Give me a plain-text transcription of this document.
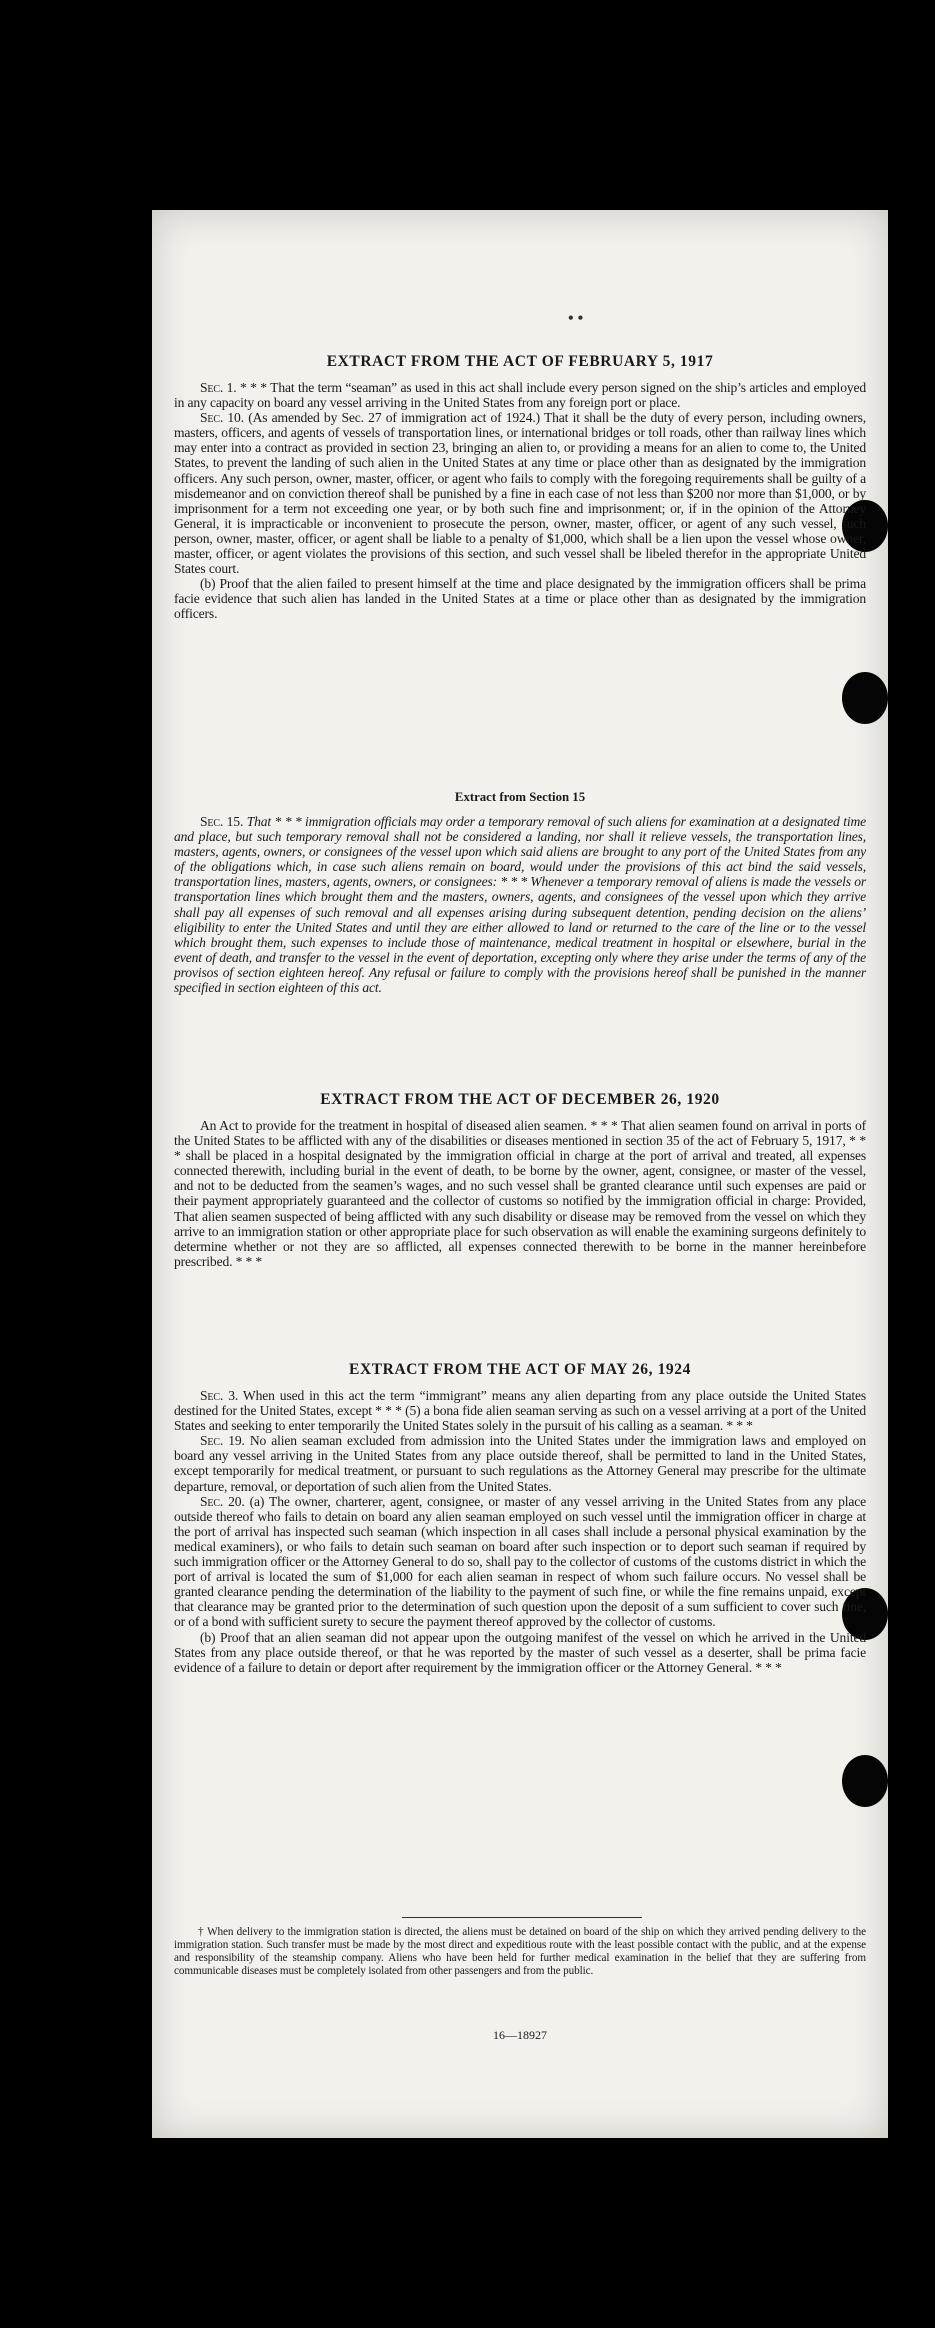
• •
EXTRACT FROM THE ACT OF FEBRUARY 5, 1917

Sec. 1. * * * That the term “seaman” as used in this act shall include every person signed on the ship’s articles and employed in any capacity on board any vessel arriving in the United States from any foreign port or place.

Sec. 10. (As amended by Sec. 27 of immigration act of 1924.) That it shall be the duty of every person, including owners, masters, officers, and agents of vessels of transportation lines, or international bridges or toll roads, other than railway lines which may enter into a contract as provided in section 23, bringing an alien to, or providing a means for an alien to come to, the United States, to prevent the landing of such alien in the United States at any time or place other than as designated by the immigration officers. Any such person, owner, master, officer, or agent who fails to comply with the foregoing requirements shall be guilty of a misdemeanor and on conviction thereof shall be punished by a fine in each case of not less than $200 nor more than $1,000, or by imprisonment for a term not exceeding one year, or by both such fine and imprisonment; or, if in the opinion of the Attorney General, it is impracticable or inconvenient to prosecute the person, owner, master, officer, or agent of any such vessel, such person, owner, master, officer, or agent shall be liable to a penalty of $1,000, which shall be a lien upon the vessel whose owner, master, officer, or agent violates the provisions of this section, and such vessel shall be libeled therefor in the appropriate United States court.

(b) Proof that the alien failed to present himself at the time and place designated by the immigration officers shall be prima facie evidence that such alien has landed in the United States at a time or place other than as designated by the immigration officers.

Extract from Section 15

Sec. 15. That * * * immigration officials may order a temporary removal of such aliens for examination at a designated time and place, but such temporary removal shall not be considered a landing, nor shall it relieve vessels, the transportation lines, masters, agents, owners, or consignees of the vessel upon which said aliens are brought to any port of the United States from any of the obligations which, in case such aliens remain on board, would under the provisions of this act bind the said vessels, transportation lines, masters, agents, owners, or consignees: * * * Whenever a temporary removal of aliens is made the vessels or transportation lines which brought them and the masters, owners, agents, and consignees of the vessel upon which they arrive shall pay all expenses of such removal and all expenses arising during subsequent detention, pending decision on the aliens’ eligibility to enter the United States and until they are either allowed to land or returned to the care of the line or to the vessel which brought them, such expenses to include those of maintenance, medical treatment in hospital or elsewhere, burial in the event of death, and transfer to the vessel in the event of deportation, excepting only where they arise under the terms of any of the provisos of section eighteen hereof. Any refusal or failure to comply with the provisions hereof shall be punished in the manner specified in section eighteen of this act.

EXTRACT FROM THE ACT OF DECEMBER 26, 1920

An Act to provide for the treatment in hospital of diseased alien seamen. * * * That alien seamen found on arrival in ports of the United States to be afflicted with any of the disabilities or diseases mentioned in section 35 of the act of February 5, 1917, * * * shall be placed in a hospital designated by the immigration official in charge at the port of arrival and treated, all expenses connected therewith, including burial in the event of death, to be borne by the owner, agent, consignee, or master of the vessel, and not to be deducted from the seamen’s wages, and no such vessel shall be granted clearance until such expenses are paid or their payment appropriately guaranteed and the collector of customs so notified by the immigration official in charge: Provided, That alien seamen suspected of being afflicted with any such disability or disease may be removed from the vessel on which they arrive to an immigration station or other appropriate place for such observation as will enable the examining surgeons definitely to determine whether or not they are so afflicted, all expenses connected therewith to be borne in the manner hereinbefore prescribed. * * *

EXTRACT FROM THE ACT OF MAY 26, 1924

Sec. 3. When used in this act the term “immigrant” means any alien departing from any place outside the United States destined for the United States, except * * * (5) a bona fide alien seaman serving as such on a vessel arriving at a port of the United States and seeking to enter temporarily the United States solely in the pursuit of his calling as a seaman. * * *

Sec. 19. No alien seaman excluded from admission into the United States under the immigration laws and employed on board any vessel arriving in the United States from any place outside thereof, shall be permitted to land in the United States, except temporarily for medical treatment, or pursuant to such regulations as the Attorney General may prescribe for the ultimate departure, removal, or deportation of such alien from the United States.

Sec. 20. (a) The owner, charterer, agent, consignee, or master of any vessel arriving in the United States from any place outside thereof who fails to detain on board any alien seaman employed on such vessel until the immigration officer in charge at the port of arrival has inspected such seaman (which inspection in all cases shall include a personal physical examination by the medical examiners), or who fails to detain such seaman on board after such inspection or to deport such seaman if required by such immigration officer or the Attorney General to do so, shall pay to the collector of customs of the customs district in which the port of arrival is located the sum of $1,000 for each alien seaman in respect of whom such failure occurs. No vessel shall be granted clearance pending the determination of the liability to the payment of such fine, or while the fine remains unpaid, except that clearance may be granted prior to the determination of such question upon the deposit of a sum sufficient to cover such fine, or of a bond with sufficient surety to secure the payment thereof approved by the collector of customs.

(b) Proof that an alien seaman did not appear upon the outgoing manifest of the vessel on which he arrived in the United States from any place outside thereof, or that he was reported by the master of such vessel as a deserter, shall be prima facie evidence of a failure to detain or deport after requirement by the immigration officer or the Attorney General. * * *

† When delivery to the immigration station is directed, the aliens must be detained on board of the ship on which they arrived pending delivery to the immigration station. Such transfer must be made by the most direct and expeditious route with the least possible contact with the public, and at the expense and responsibility of the steamship company. Aliens who have been held for further medical examination in the belief that they are suffering from communicable diseases must be completely isolated from other passengers and from the public.

16—18927
